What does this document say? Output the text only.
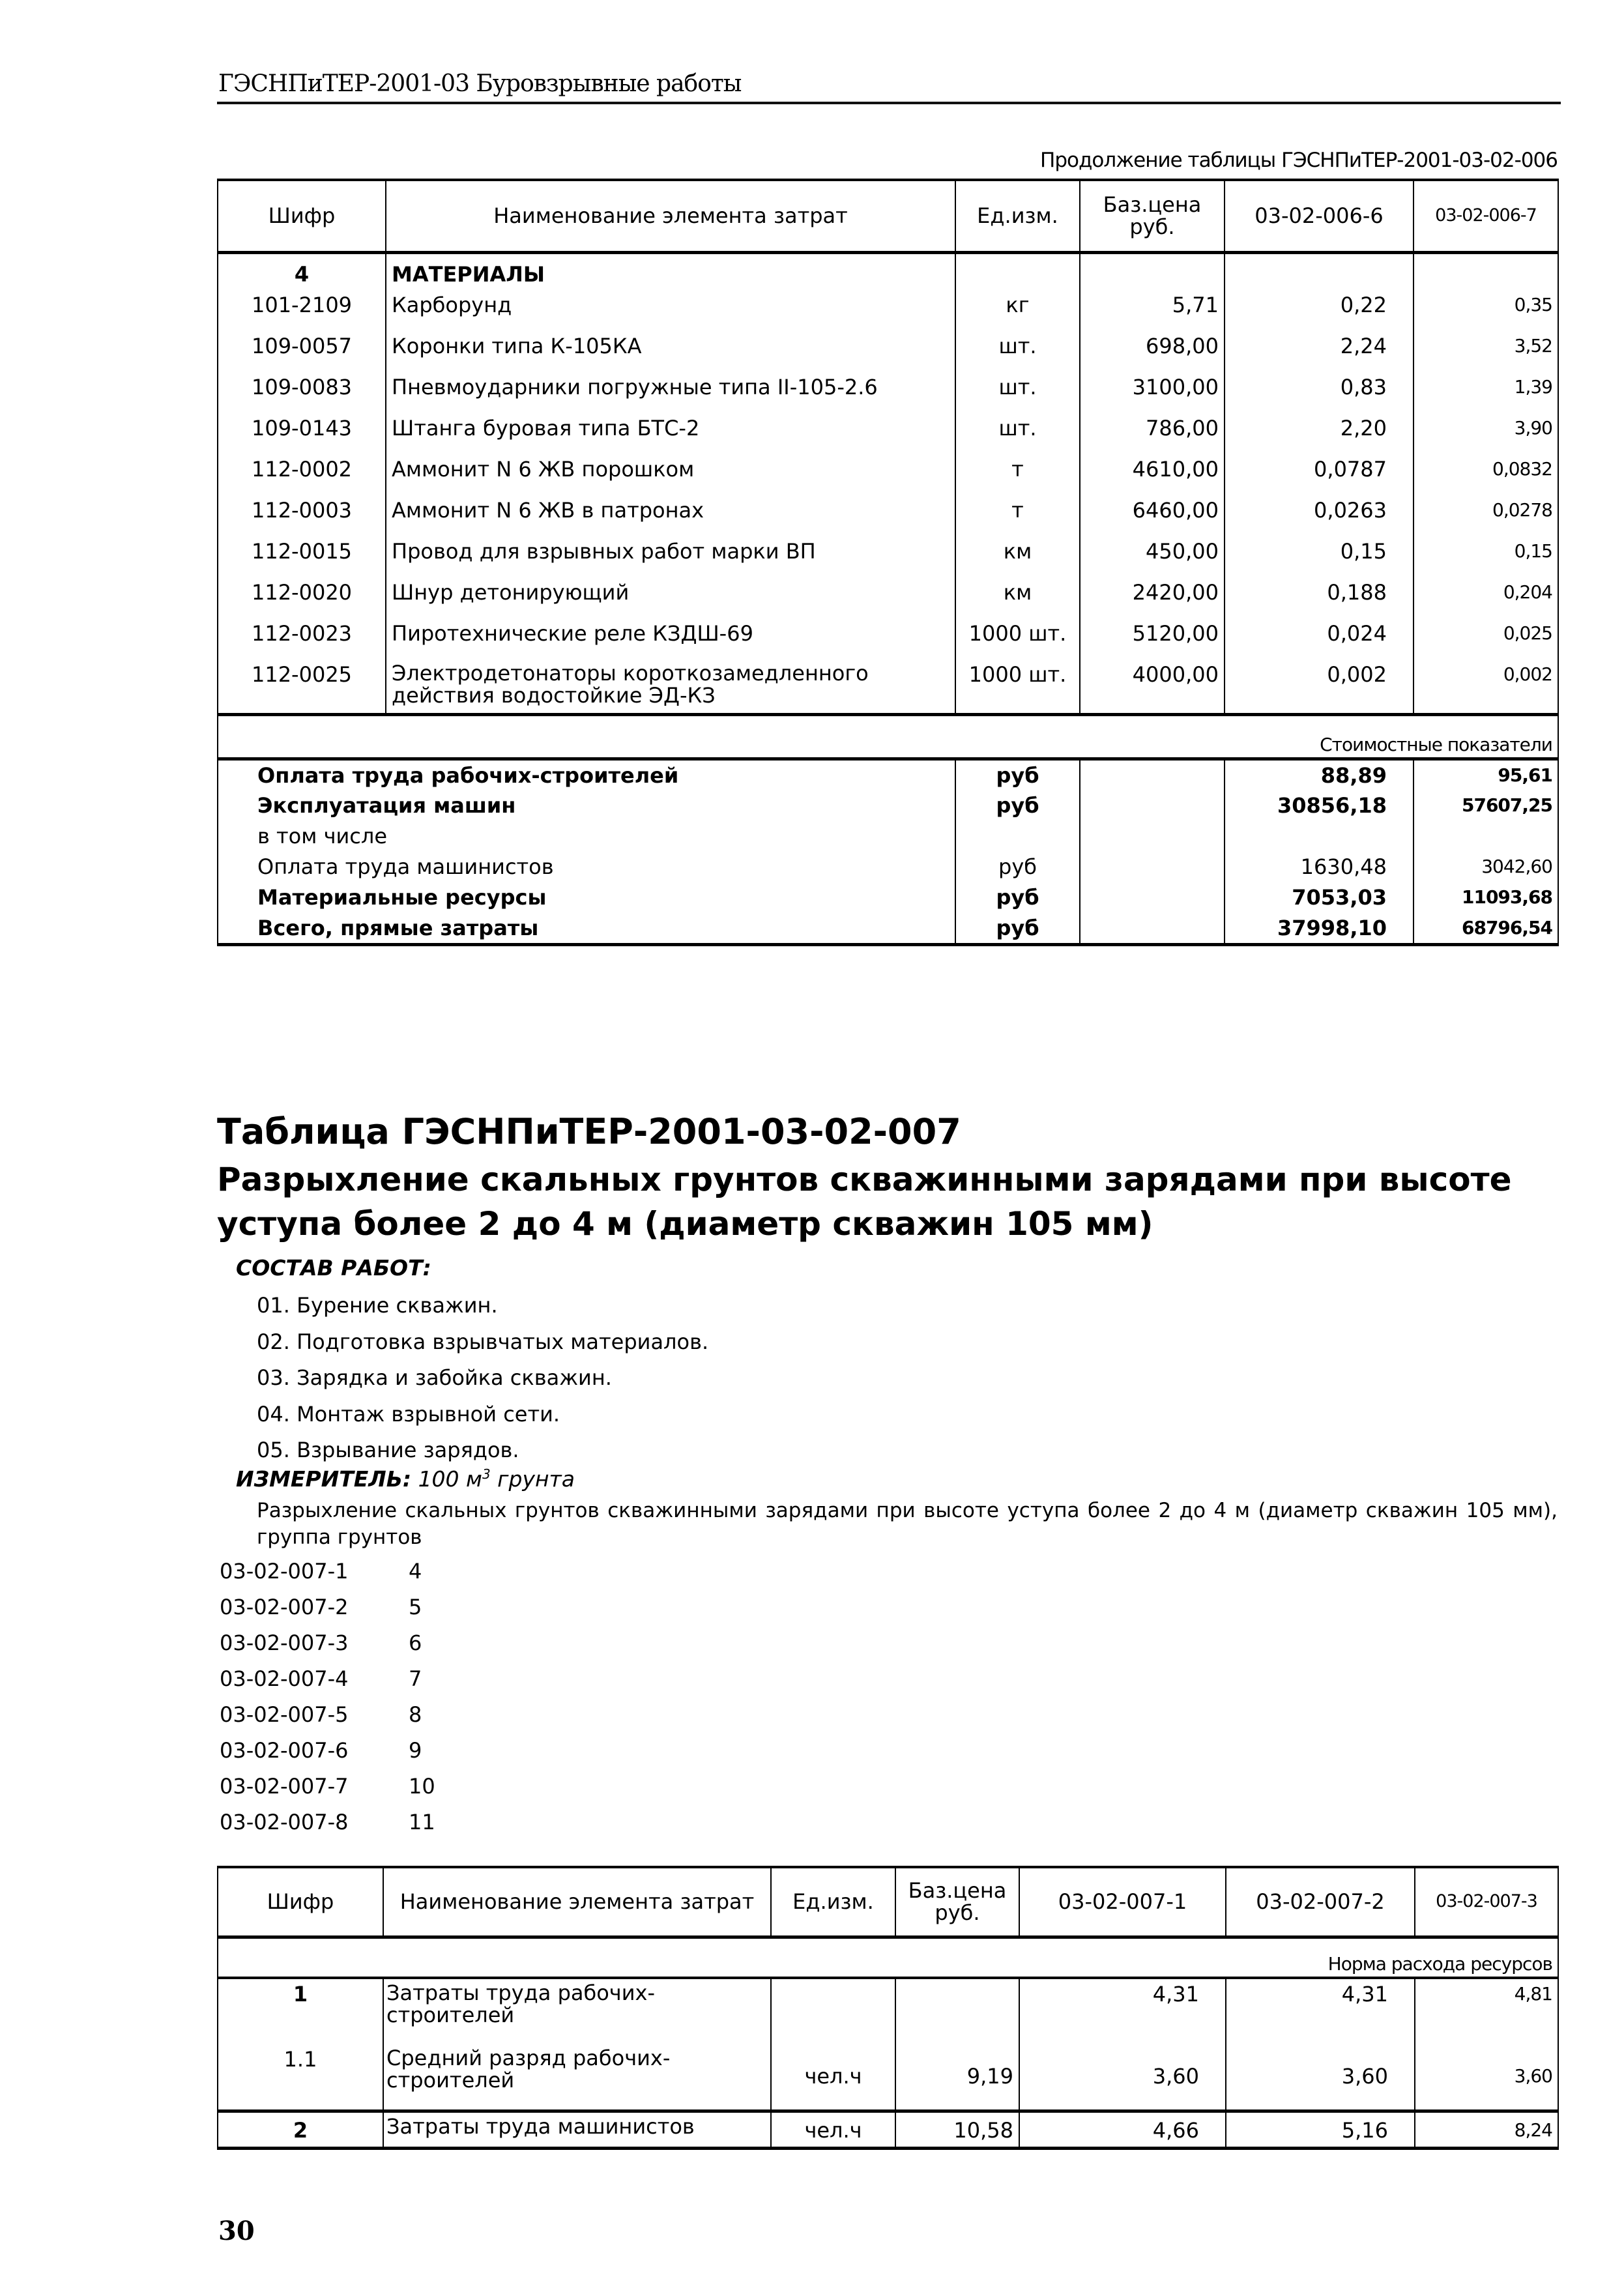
ГЭСНПиТЕР-2001-03 Буровзрывные работы
Продолжение таблицы ГЭСНПиТЕР-2001-03-02-006
Шифр	Наименование элемента затрат	Ед.изм.	Баз.цена руб.	03-02-006-6	03-02-006-7
4	МАТЕРИАЛЫ				
101-2109	Карборунд	кг	5,71	0,22	0,35
109-0057	Коронки типа К-105КА	шт.	698,00	2,24	3,52
109-0083	Пневмоударники погружные типа II-105-2.6	шт.	3100,00	0,83	1,39
109-0143	Штанга буровая типа БТС-2	шт.	786,00	2,20	3,90
112-0002	Аммонит N 6 ЖВ порошком	т	4610,00	0,0787	0,0832
112-0003	Аммонит N 6 ЖВ в патронах	т	6460,00	0,0263	0,0278
112-0015	Провод для взрывных работ марки ВП	км	450,00	0,15	0,15
112-0020	Шнур детонирующий	км	2420,00	0,188	0,204
112-0023	Пиротехнические реле КЗДШ-69	1000 шт.	5120,00	0,024	0,025
112-0025	Электродетонаторы короткозамедленного действия водостойкие ЭД-КЗ	1000 шт.	4000,00	0,002	0,002
Стоимостные показатели					
Оплата труда рабочих-строителей		руб		88,89	95,61
Эксплуатация машин		руб		30856,18	57607,25
в том числе					
Оплата труда машинистов		руб		1630,48	3042,60
Материальные ресурсы		руб		7053,03	11093,68
Всего, прямые затраты		руб		37998,10	68796,54
Таблица ГЭСНПиТЕР-2001-03-02-007
Разрыхление скальных грунтов скважинными зарядами при высоте уступа более 2 до 4 м (диаметр скважин 105 мм)
СОСТАВ РАБОТ:
01. Бурение скважин.
02. Подготовка взрывчатых материалов.
03. Зарядка и забойка скважин.
04. Монтаж взрывной сети.
05. Взрывание зарядов.
ИЗМЕРИТЕЛЬ: 100 $м^3$ грунта
Разрыхление скальных грунтов скважинными зарядами при высоте уступа более 2 до 4 м (диаметр скважин 105 мм), группа грунтов
03-02-007-1	4
03-02-007-2	5
03-02-007-3	6
03-02-007-4	7
03-02-007-5	8
03-02-007-6	9
03-02-007-7	10
03-02-007-8	11
Шифр	Наименование элемента затрат	Ед.изм.	Баз.цена руб.	03-02-007-1	03-02-007-2	03-02-007-3
Норма расхода ресурсов						
1	Затраты труда рабочих-строителей			4,31	4,31	4,81
1.1	Средний разряд рабочих-строителей	чел.ч	9,19	3,60	3,60	3,60
2	Затраты труда машинистов	чел.ч	10,58	4,66	5,16	8,24
30
